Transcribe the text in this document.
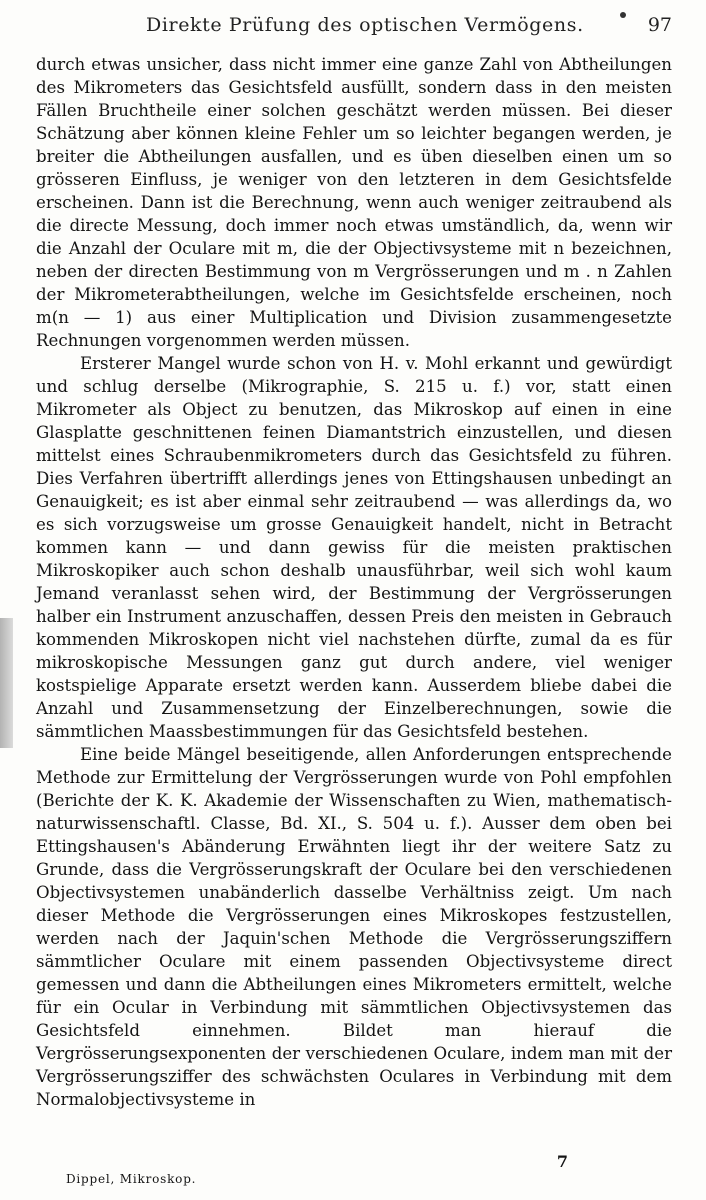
Direkte Prüfung des optischen Vermögens.	97

durch etwas unsicher, dass nicht immer eine ganze Zahl von Abtheilungen des Mikrometers das Gesichtsfeld ausfüllt, sondern dass in den meisten Fällen Bruchtheile einer solchen geschätzt werden müssen. Bei dieser Schätzung aber können kleine Fehler um so leichter begangen werden, je breiter die Abtheilungen ausfallen, und es üben dieselben einen um so grösseren Einfluss, je weniger von den letzteren in dem Gesichtsfelde erscheinen. Dann ist die Berechnung, wenn auch weniger zeitraubend als die directe Messung, doch immer noch etwas umständlich, da, wenn wir die Anzahl der Oculare mit m, die der Objectivsysteme mit n bezeichnen, neben der directen Bestimmung von m Vergrösserungen und m . n Zahlen der Mikrometerabtheilungen, welche im Gesichtsfelde erscheinen, noch m(n — 1) aus einer Multiplication und Division zusammengesetzte Rechnungen vorgenommen werden müssen.

Ersterer Mangel wurde schon von H. v. Mohl erkannt und gewürdigt und schlug derselbe (Mikrographie, S. 215 u. f.) vor, statt einen Mikrometer als Object zu benutzen, das Mikroskop auf einen in eine Glasplatte geschnittenen feinen Diamantstrich einzustellen, und diesen mittelst eines Schraubenmikrometers durch das Gesichtsfeld zu führen. Dies Verfahren übertrifft allerdings jenes von Ettingshausen unbedingt an Genauigkeit; es ist aber einmal sehr zeitraubend — was allerdings da, wo es sich vorzugsweise um grosse Genauigkeit handelt, nicht in Betracht kommen kann — und dann gewiss für die meisten praktischen Mikroskopiker auch schon deshalb unausführbar, weil sich wohl kaum Jemand veranlasst sehen wird, der Bestimmung der Vergrösserungen halber ein Instrument anzuschaffen, dessen Preis den meisten in Gebrauch kommenden Mikroskopen nicht viel nachstehen dürfte, zumal da es für mikroskopische Messungen ganz gut durch andere, viel weniger kostspielige Apparate ersetzt werden kann. Ausserdem bliebe dabei die Anzahl und Zusammensetzung der Einzelberechnungen, sowie die sämmtlichen Maassbestimmungen für das Gesichtsfeld bestehen.

Eine beide Mängel beseitigende, allen Anforderungen entsprechende Methode zur Ermittelung der Vergrösserungen wurde von Pohl empfohlen (Berichte der K. K. Akademie der Wissenschaften zu Wien, mathematisch-naturwissenschaftl. Classe, Bd. XI., S. 504 u. f.). Ausser dem oben bei Ettingshausen's Abänderung Erwähnten liegt ihr der weitere Satz zu Grunde, dass die Vergrösserungskraft der Oculare bei den verschiedenen Objectivsystemen unabänderlich dasselbe Verhältniss zeigt. Um nach dieser Methode die Vergrösserungen eines Mikroskopes festzustellen, werden nach der Jaquin'schen Methode die Vergrösserungsziffern sämmtlicher Oculare mit einem passenden Objectivsysteme direct gemessen und dann die Abtheilungen eines Mikrometers ermittelt, welche für ein Ocular in Verbindung mit sämmtlichen Objectivsystemen das Gesichtsfeld einnehmen. Bildet man hierauf die Vergrösserungsexponenten der verschiedenen Oculare, indem man mit der Vergrösserungsziffer des schwächsten Oculares in Verbindung mit dem Normalobjectivsysteme in

Dippel, Mikroskop.
7
